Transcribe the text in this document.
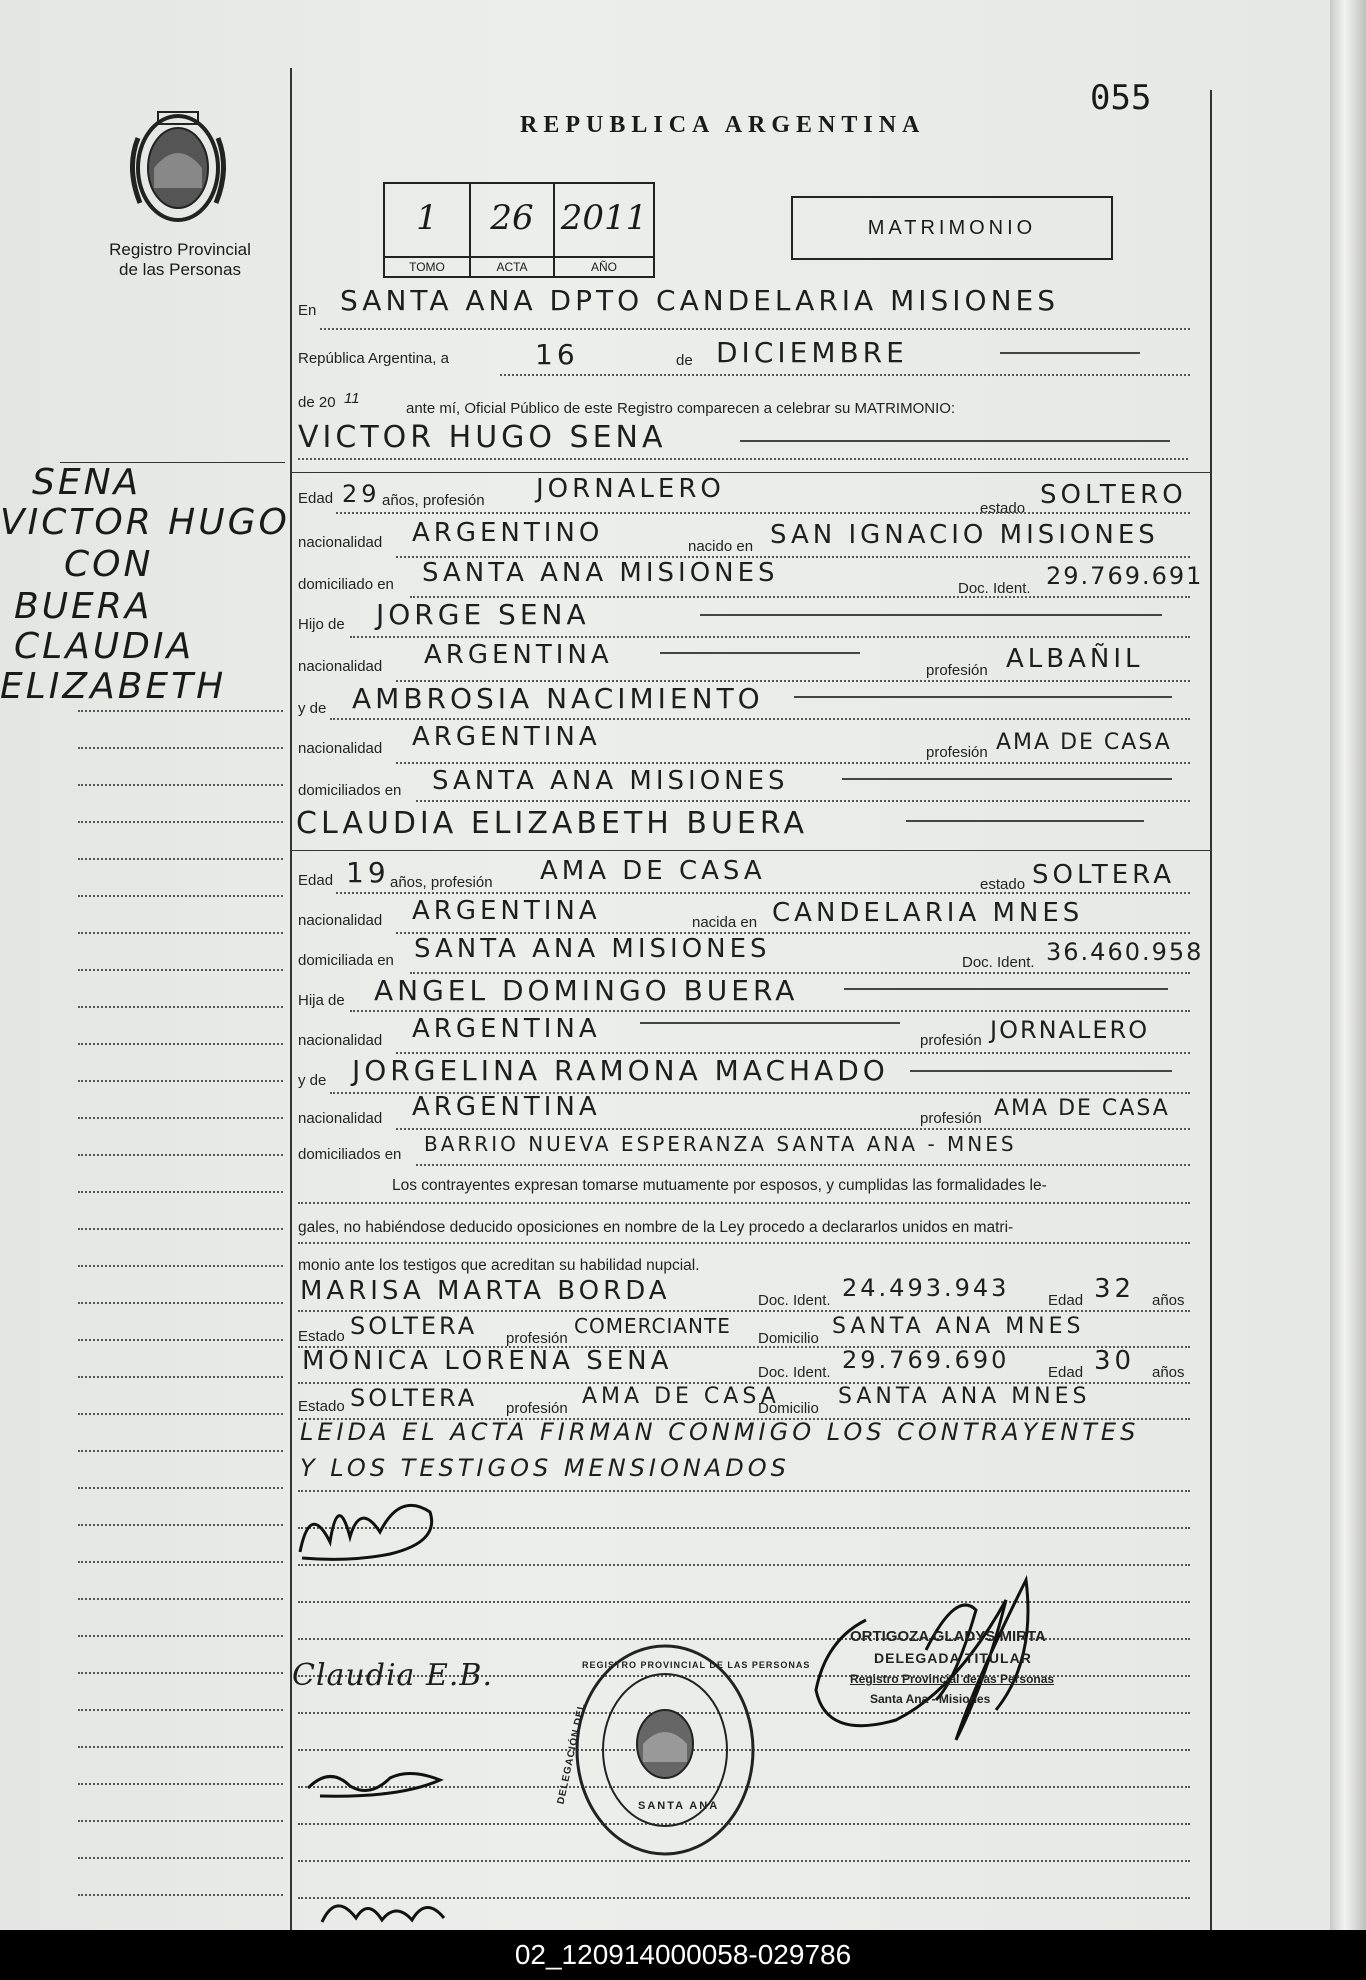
Registro Provincial
de las Personas
REPUBLICA ARGENTINA
055
1
TOMO
26
ACTA
2011
AÑO
MATRIMONIO
SENA
VICTOR HUGO
CON
BUERA
CLAUDIA
ELIZABETH
En SANTA ANA DPTO CANDELARIA MISIONES
República Argentina, a	16	de DICIEMBRE
de 20 11
ante mí, Oficial Público de este Registro comparecen a celebrar su MATRIMONIO:
VICTOR HUGO SENA
Edad 29 años, profesión JORNALERO
estado SOLTERO
nacionalidad ARGENTINO	nacido en SAN IGNACIO MISIONES
domiciliado en SANTA ANA MISIONES
Doc. Ident. 29.769.691
Hijo de JORGE SENA
nacionalidad ARGENTINA
profesión ALBAÑIL
y de AMBROSIA NACIMIENTO
nacionalidad ARGENTINA
profesión AMA DE CASA
domiciliados en SANTA ANA MISIONES
CLAUDIA ELIZABETH BUERA
Edad 19 años, profesión AMA DE CASA	estado SOLTERA
nacionalidad ARGENTINA	nacida en CANDELARIA MNES
domiciliada en SANTA ANA MISIONES	Doc. Ident. 36.460.958
Hija de ANGEL DOMINGO BUERA
nacionalidad ARGENTINA	profesión JORNALERO
y de JORGELINA RAMONA MACHADO
nacionalidad ARGENTINA	profesión AMA DE CASA
domiciliados en BARRIO NUEVA ESPERANZA SANTA ANA - MNES
Los contrayentes expresan tomarse mutuamente por esposos, y cumplidas las formalidades le-
gales, no habiéndose deducido oposiciones en nombre de la Ley procedo a declararlos unidos en matri-
monio ante los testigos que acreditan su habilidad nupcial.
MARISA MARTA BORDA	Doc. Ident. 24.493.943	Edad 32 años
Estado SOLTERA profesión
COMERCIANTE
Domicilio SANTA ANA MNES
MONICA LORENA SENA	Doc. Ident. 29.769.690	Edad 30 años
Estado SOLTERA profesión AMA DE CASA
Domicilio SANTA ANA MNES
LEIDA EL ACTA FIRMAN CONMIGO LOS CONTRAYENTES
Y LOS TESTIGOS MENSIONADOS
Claudia E.B.	REGISTRO PROVINCIAL DE LAS PERSONAS
DELEGACIÓN DEL
SANTA ANA
ORTIGOZA GLADYS MIRTA
DELEGADA TITULAR
Registro Provincial de las Personas
Santa Ana - Misiones
02_120914000058-029786
